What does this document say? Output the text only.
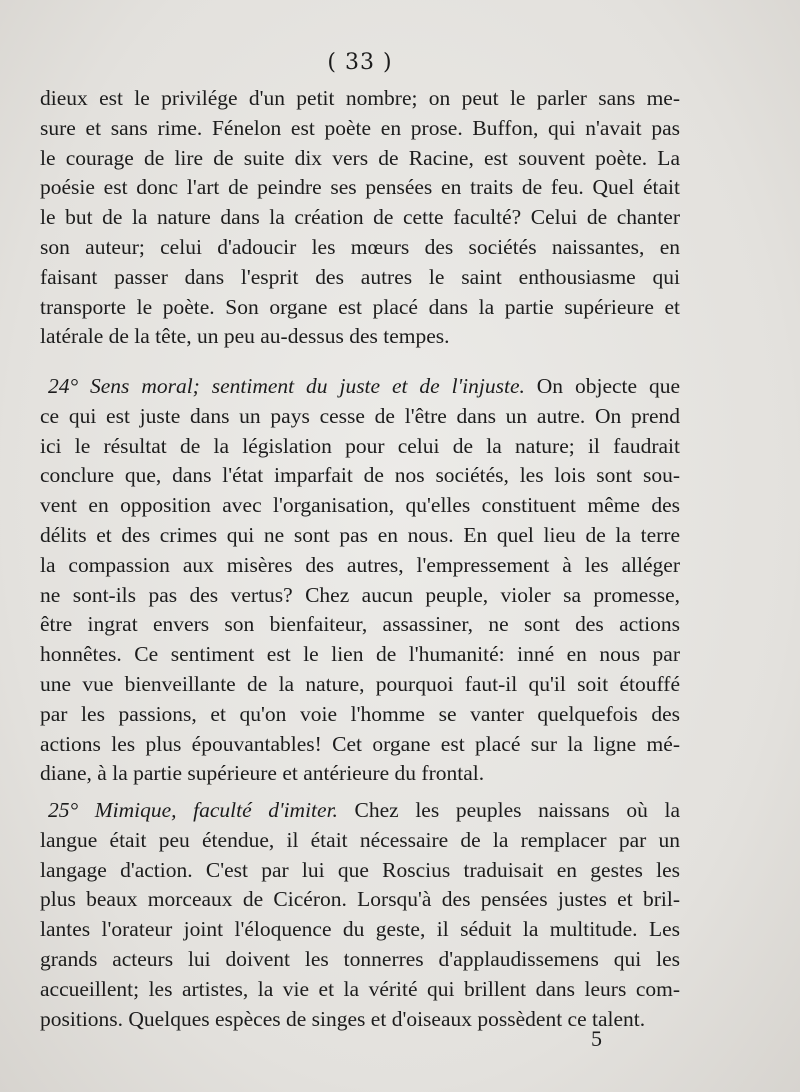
( 33 )
dieux est le privilége d'un petit nombre; on peut le parler sans me-
sure et sans rime. Fénelon est poète en prose. Buffon, qui n'avait pas
le courage de lire de suite dix vers de Racine, est souvent poète. La
poésie est donc l'art de peindre ses pensées en traits de feu. Quel était
le but de la nature dans la création de cette faculté? Celui de chanter
son auteur; celui d'adoucir les mœurs des sociétés naissantes, en
faisant passer dans l'esprit des autres le saint enthousiasme qui
transporte le poète. Son organe est placé dans la partie supérieure et
latérale de la tête, un peu au-dessus des tempes.
24° Sens moral; sentiment du juste et de l'injuste. On objecte que
ce qui est juste dans un pays cesse de l'être dans un autre. On prend
ici le résultat de la législation pour celui de la nature; il faudrait
conclure que, dans l'état imparfait de nos sociétés, les lois sont sou-
vent en opposition avec l'organisation, qu'elles constituent même des
délits et des crimes qui ne sont pas en nous. En quel lieu de la terre
la compassion aux misères des autres, l'empressement à les alléger
ne sont-ils pas des vertus? Chez aucun peuple, violer sa promesse,
être ingrat envers son bienfaiteur, assassiner, ne sont des actions
honnêtes. Ce sentiment est le lien de l'humanité: inné en nous par
une vue bienveillante de la nature, pourquoi faut-il qu'il soit étouffé
par les passions, et qu'on voie l'homme se vanter quelquefois des
actions les plus épouvantables! Cet organe est placé sur la ligne mé-
diane, à la partie supérieure et antérieure du frontal.
25° Mimique, faculté d'imiter. Chez les peuples naissans où la
langue était peu étendue, il était nécessaire de la remplacer par un
langage d'action. C'est par lui que Roscius traduisait en gestes les
plus beaux morceaux de Cicéron. Lorsqu'à des pensées justes et bril-
lantes l'orateur joint l'éloquence du geste, il séduit la multitude. Les
grands acteurs lui doivent les tonnerres d'applaudissemens qui les
accueillent; les artistes, la vie et la vérité qui brillent dans leurs com-
positions. Quelques espèces de singes et d'oiseaux possèdent ce talent.
5
